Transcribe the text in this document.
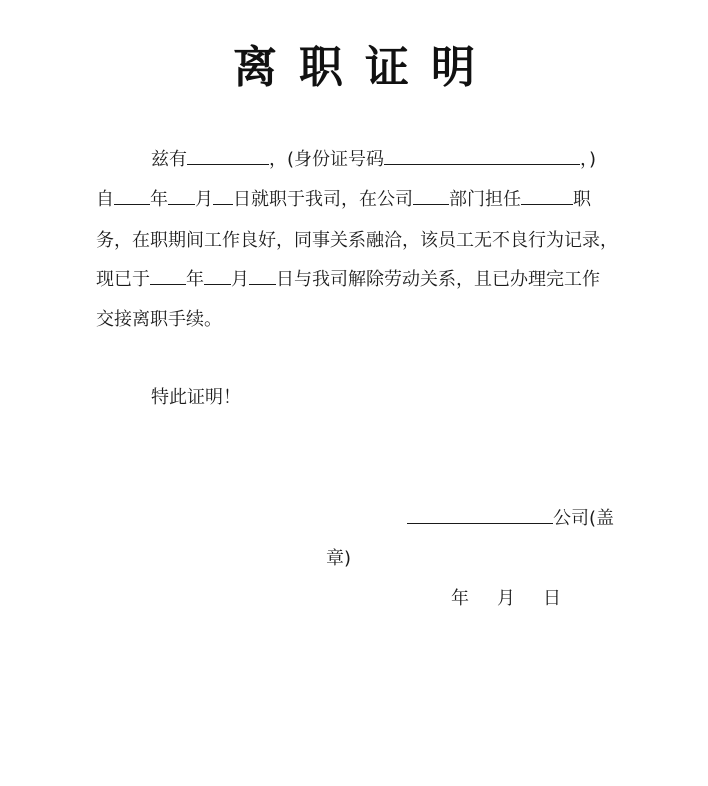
离职证明
兹有	，(身份证号码	，)
自 年 月 日就职于我司，在公司 部门担任	职
务，在职期间工作良好，同事关系融洽，该员工无不良行为记录，
现已于 年 月 日与我司解除劳动关系，且已办理完工作
交接离职手续。
特此证明！
公司(盖
章)
年 月 日
